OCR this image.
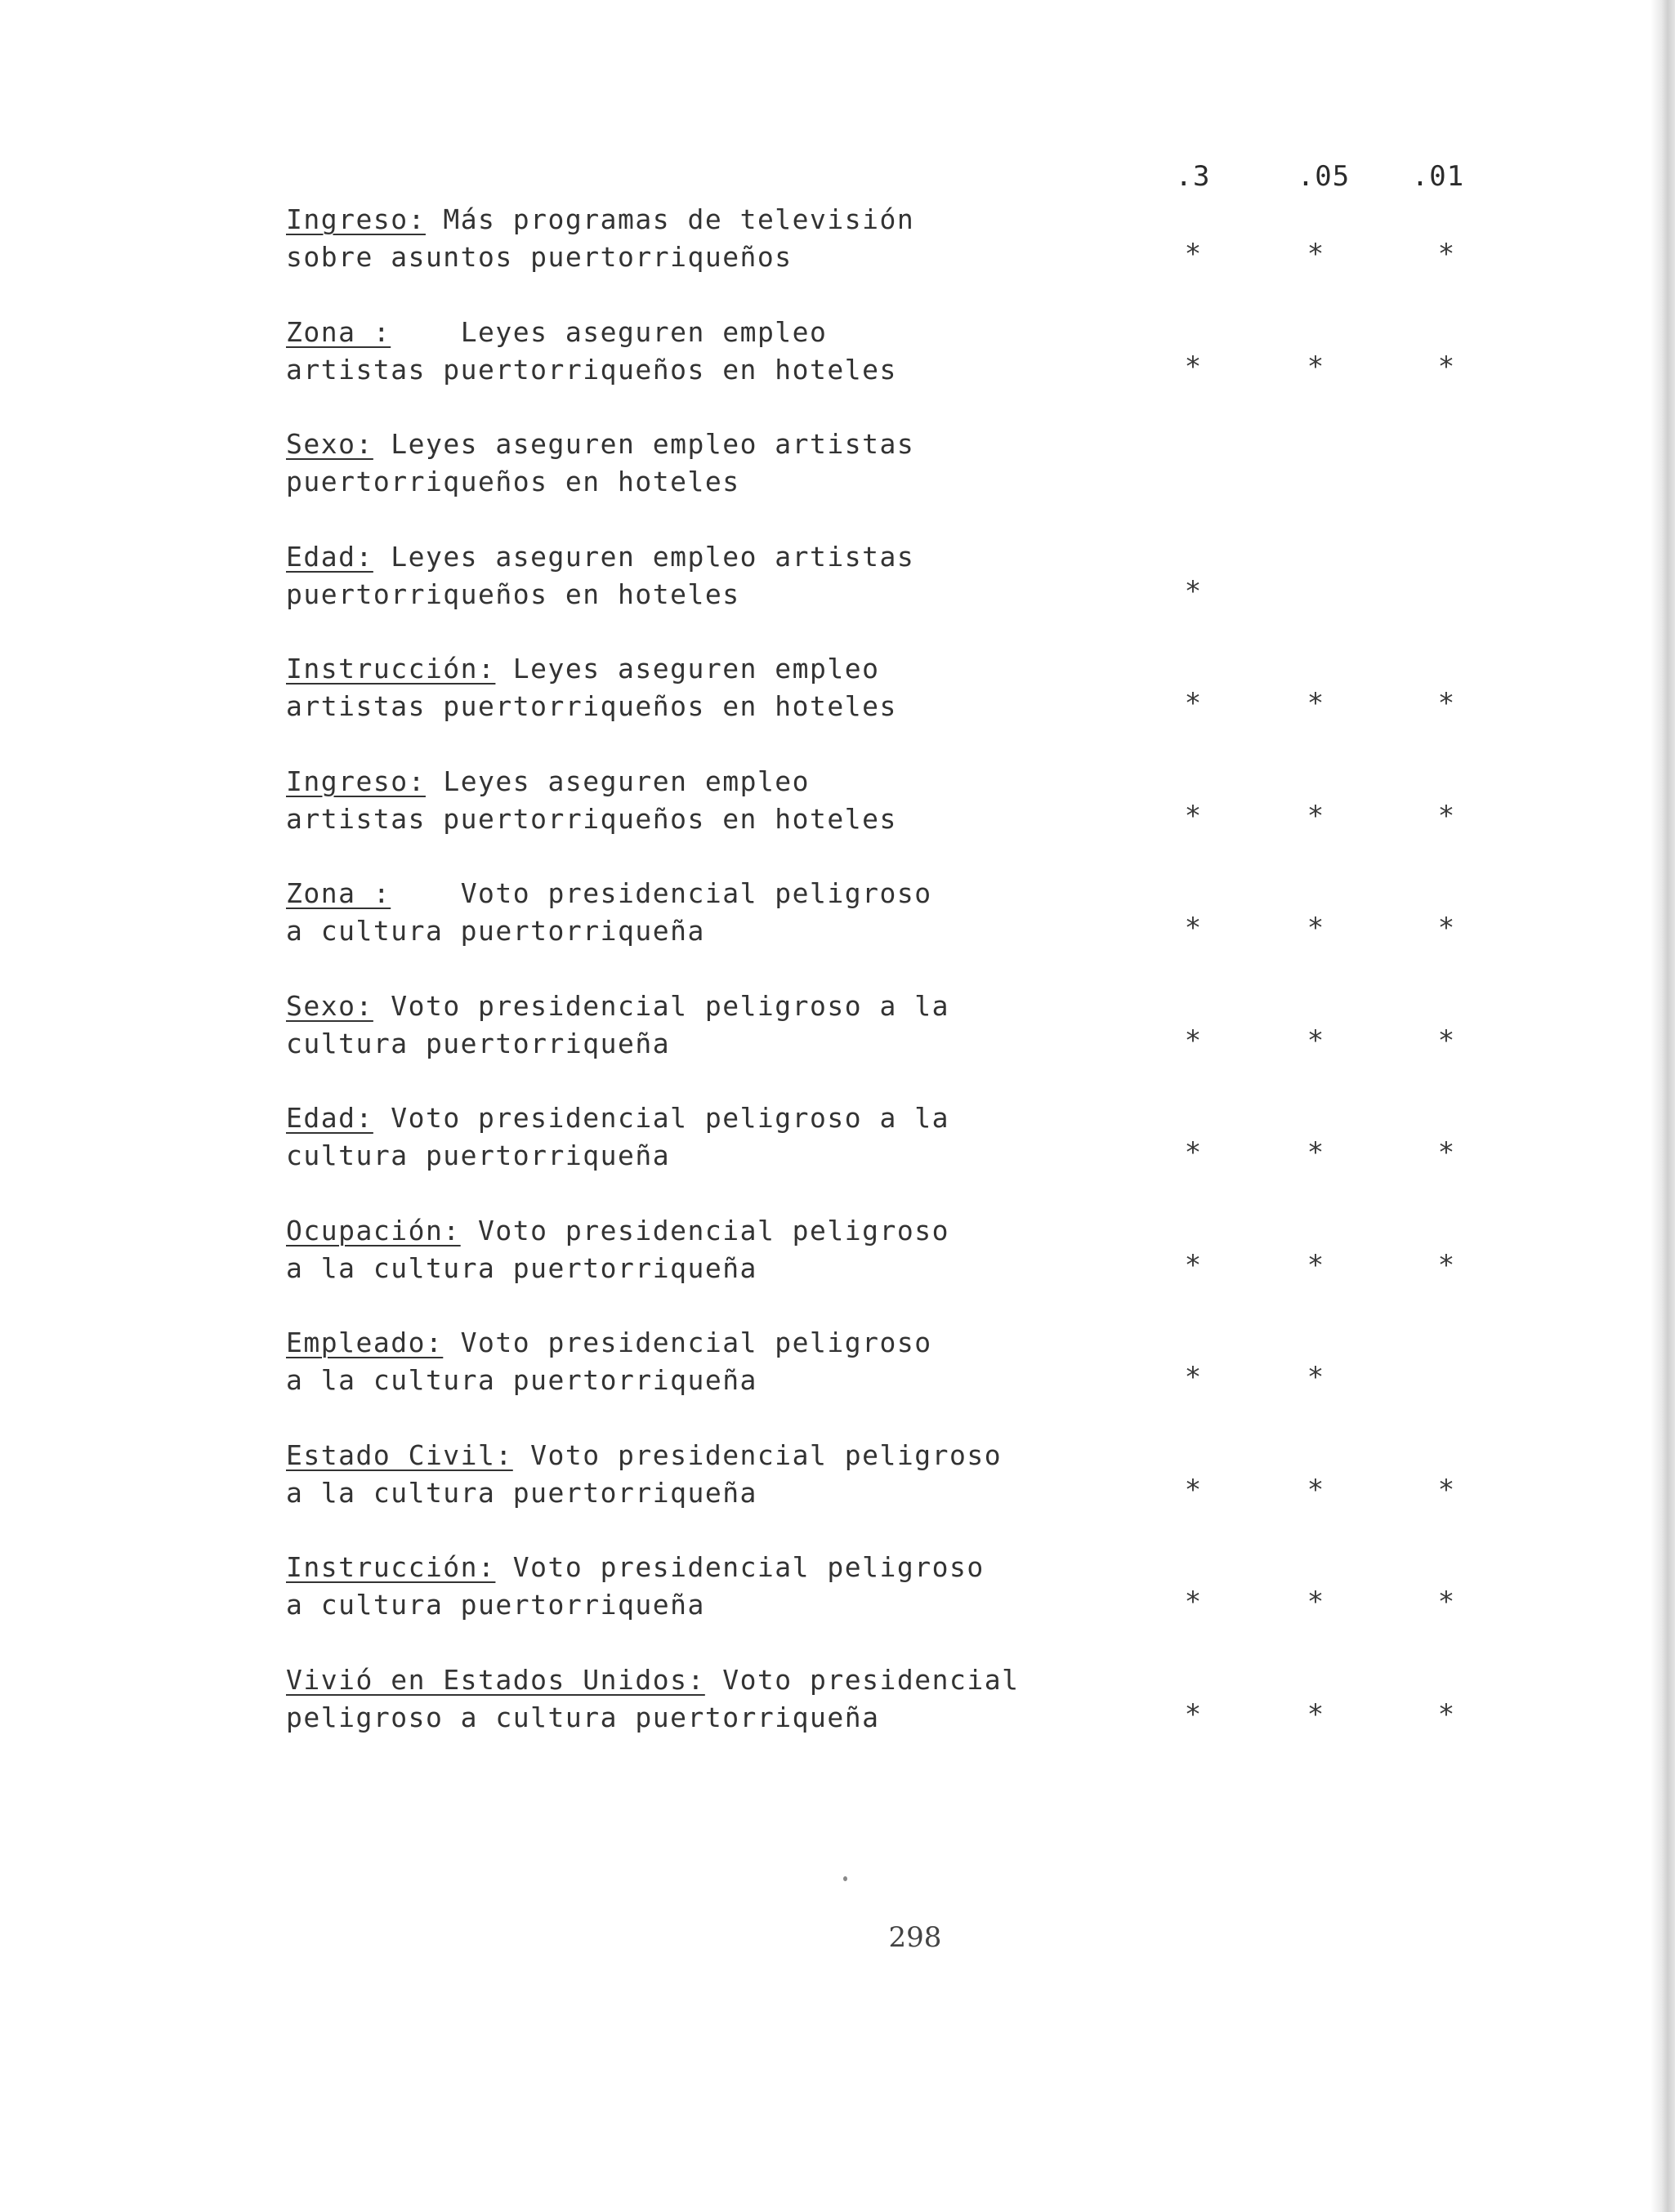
.3	.05	.01
Ingreso: Más programas de televisión
sobre asuntos puertorriqueños	*	*	*
Zona :    Leyes aseguren empleo
artistas puertorriqueños en hoteles	*	*	*
Sexo: Leyes aseguren empleo artistas
puertorriqueños en hoteles
Edad: Leyes aseguren empleo artistas
puertorriqueños en hoteles	*
Instrucción: Leyes aseguren empleo
artistas puertorriqueños en hoteles	*	*	*
Ingreso: Leyes aseguren empleo
artistas puertorriqueños en hoteles	*	*	*
Zona :    Voto presidencial peligroso
a cultura puertorriqueña	*	*	*
Sexo: Voto presidencial peligroso a la
cultura puertorriqueña	*	*	*
Edad: Voto presidencial peligroso a la
cultura puertorriqueña	*	*	*
Ocupación: Voto presidencial peligroso
a la cultura puertorriqueña	*	*	*
Empleado: Voto presidencial peligroso
a la cultura puertorriqueña	*	*
Estado Civil: Voto presidencial peligroso
a la cultura puertorriqueña	*	*	*
Instrucción: Voto presidencial peligroso
a cultura puertorriqueña	*	*	*
Vivió en Estados Unidos: Voto presidencial
peligroso a cultura puertorriqueña	*	*	*
298
